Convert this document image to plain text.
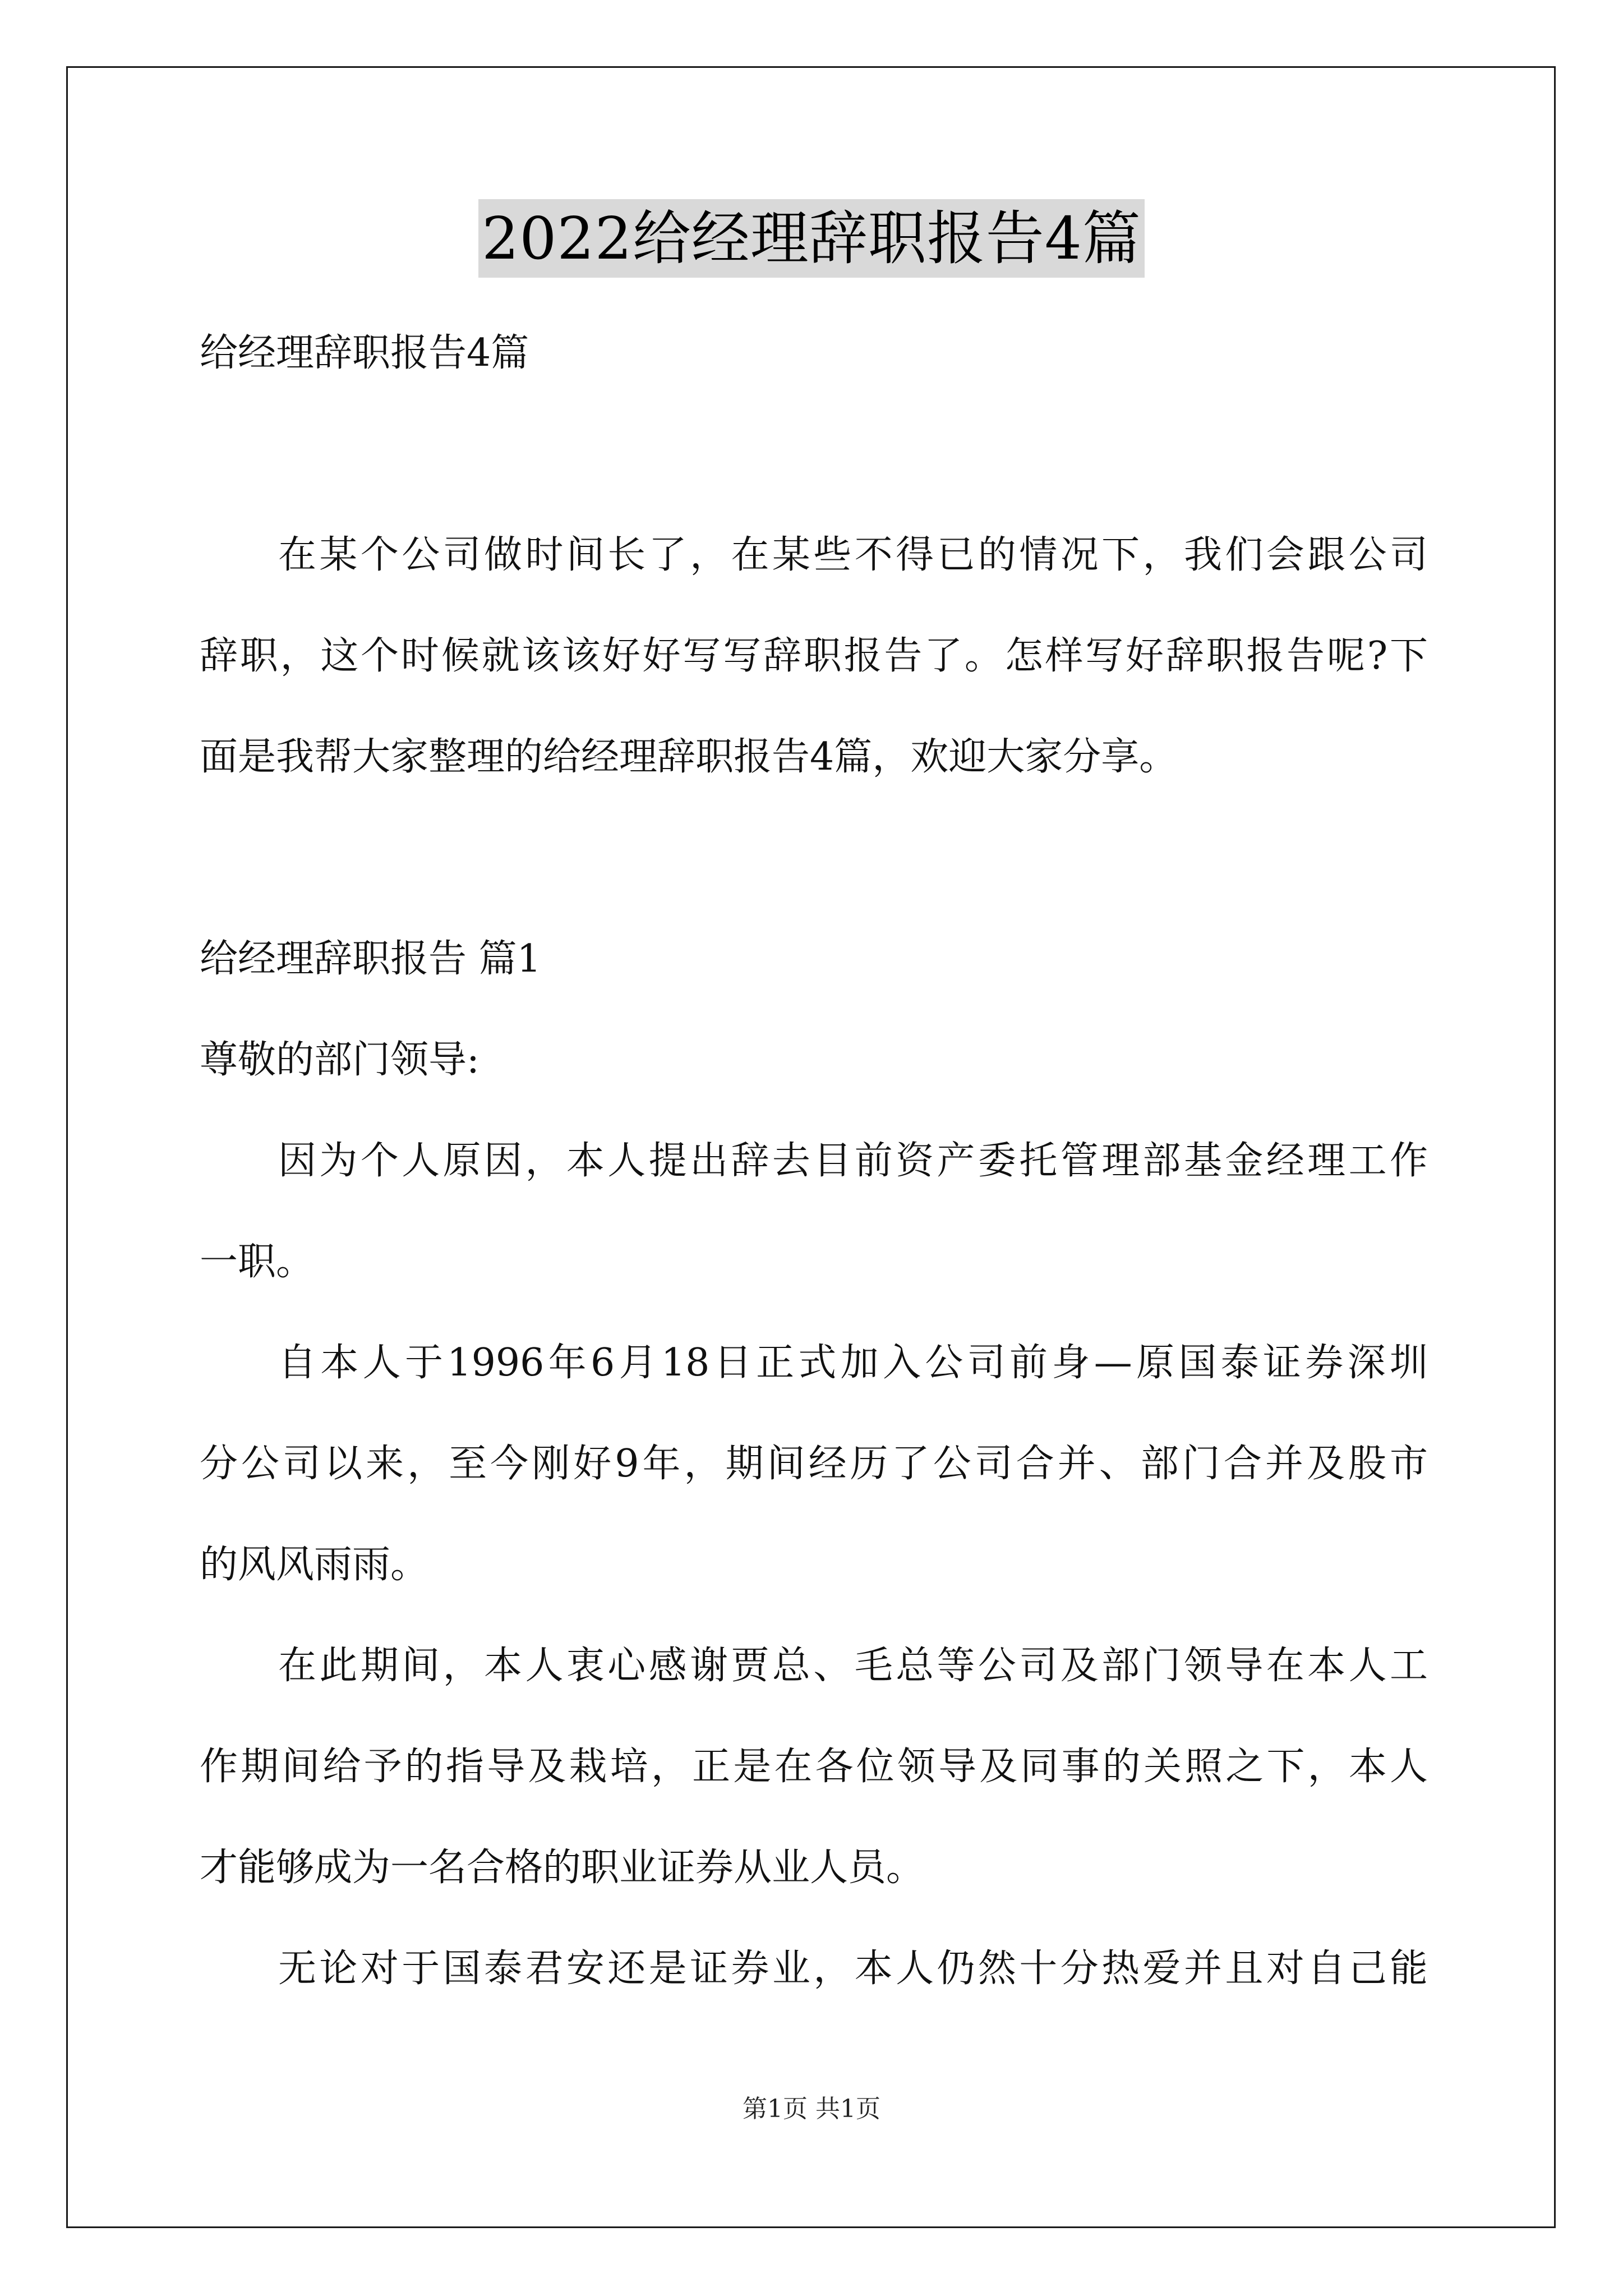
2022给经理辞职报告4篇
给经理辞职报告4篇
在某个公司做时间长了，在某些不得已的情况下，我们会跟公司
辞职，这个时候就该该好好写写辞职报告了。怎样写好辞职报告呢?下
面是我帮大家整理的给经理辞职报告4篇，欢迎大家分享。
给经理辞职报告 篇1
尊敬的部门领导:
因为个人原因，本人提出辞去目前资产委托管理部基金经理工作
一职。
自本人于1996年6月18日正式加入公司前身—原国泰证券深圳
分公司以来，至今刚好9年，期间经历了公司合并、部门合并及股市
的风风雨雨。
在此期间，本人衷心感谢贾总、毛总等公司及部门领导在本人工
作期间给予的指导及栽培，正是在各位领导及同事的关照之下，本人
才能够成为一名合格的职业证券从业人员。
无论对于国泰君安还是证券业，本人仍然十分热爱并且对自己能
第1页 共1页
